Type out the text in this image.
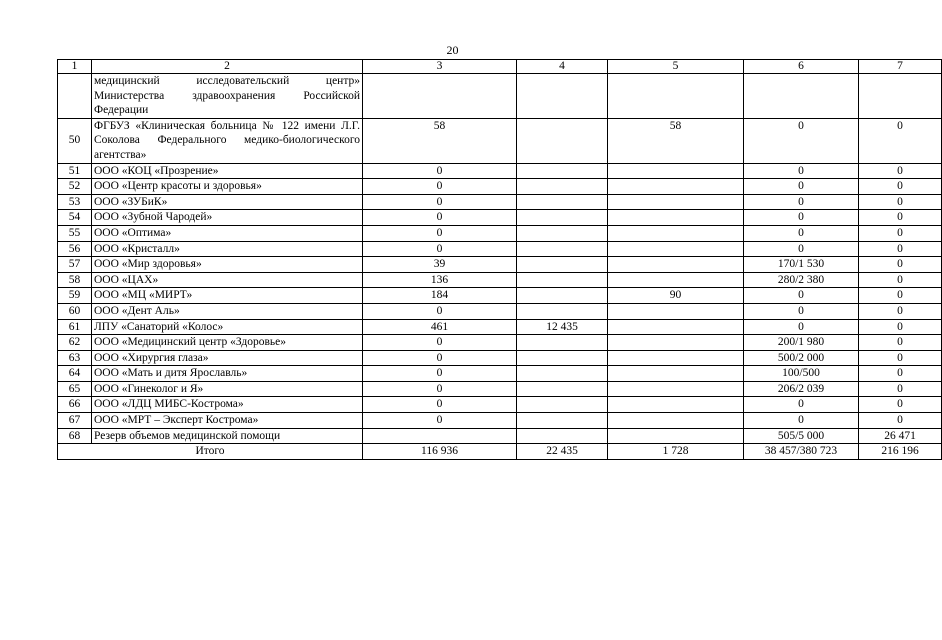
20
1	2	3	4	5	6	7
	медицинский исследовательский центр» Министерства здравоохранения Российской Федерации					
50	ФГБУЗ «Клиническая больница № 122 имени Л.Г. Соколова Федерального медико-биологического агентства»	58		58	0	0
51	ООО «КОЦ «Прозрение»	0			0	0
52	ООО «Центр красоты и здоровья»	0			0	0
53	ООО «ЗУБиК»	0			0	0
54	ООО «Зубной Чародей»	0			0	0
55	ООО «Оптима»	0			0	0
56	ООО «Кристалл»	0			0	0
57	ООО «Мир здоровья»	39			170/1 530	0
58	ООО «ЦАХ»	136			280/2 380	0
59	ООО «МЦ «МИРТ»	184		90	0	0
60	ООО «Дент Аль»	0			0	0
61	ЛПУ «Санаторий «Колос»	461	12 435		0	0
62	ООО «Медицинский центр «Здоровье»	0			200/1 980	0
63	ООО «Хирургия глаза»	0			500/2 000	0
64	ООО «Мать и дитя Ярославль»	0			100/500	0
65	ООО «Гинеколог и Я»	0			206/2 039	0
66	ООО «ЛДЦ МИБС-Кострома»	0			0	0
67	ООО «МРТ – Эксперт Кострома»	0			0	0
68	Резерв объемов медицинской помощи				505/5 000	26 471
Итого		116 936	22 435	1 728	38 457/380 723	216 196
